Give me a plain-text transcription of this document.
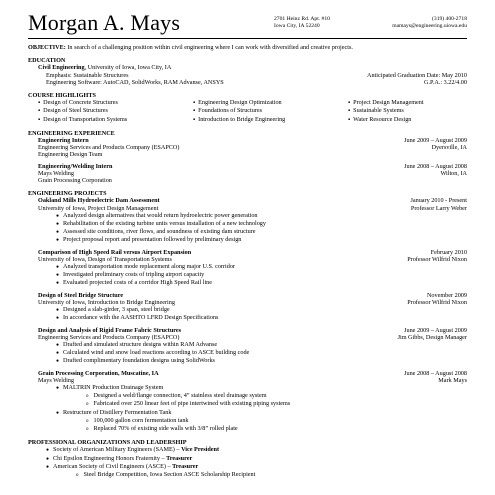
Morgan A. Mays	2701 Heinz Rd. Apt. #10
Iowa City, IA 52240
(319) 400-2718
mamays@engineering.uiowa.edu
OBJECTIVE: In search of a challenging position within civil engineering where I can work with diversified and creative projects.
EDUCATION
Civil Engineering, University of Iowa, Iowa City, IA
Emphasis: Sustainable Structures	Anticipated Graduation Date: May 2010
Engineering Software: AutoCAD, SolidWorks, RAM Advanse, ANSYS	G.P.A.: 3.22/4.00
COURSE HIGHLIGHTS
▪ Design of Concrete Structures	▪ Engineering Design Optimization	▪ Project Design Management
▪ Design of Steel Structures	▪ Foundations of Structures	▪ Sustainable Systems
▪ Design of Transportation Systems	▪ Introduction to Bridge Engineering	▪ Water Resource Design
ENGINEERING EXPERIENCE
Engineering Intern	June 2009 – August 2009
Engineering Services and Products Company (ESAPCO)	Dyersville, IA
Engineering Design Team
Engineering/Welding Intern	June 2008 – August 2008
Mays Welding	Wilton, IA
Grain Processing Corporation
ENGINEERING PROJECTS
Oakland Mills Hydroelectric Dam Assessment	January 2010 - Present
University of Iowa, Project Design Management	Professor Larry Weber
● Analyzed design alternatives that would return hydroelectric power generation
● Rehabilitation of the existing turbine units versus installation of a new technology
● Assessed site conditions, river flows, and soundness of existing dam structure
● Project proposal report and presentation followed by preliminary design
Comparison of High Speed Rail versus Airport Expansion	February 2010
University of Iowa, Design of Transportation Systems	Professor Wilfrid Nixon
● Analyzed transportation mode replacement along major U.S. corridor
● Investigated preliminary costs of tripling airport capacity
● Evaluated projected costs of a corridor High Speed Rail line
Design of Steel Bridge Structure	November 2009
University of Iowa, Introduction to Bridge Engineering	Professor Wilfrid Nixon
● Designed a slab-girder, 3 span, steel bridge
● In accordance with the AASHTO LFRD Design Specifications
Design and Analysis of Rigid Frame Fabric Structures	June 2009 – August 2009
Engineering Services and Products Company (ESAPCO)	Jim Gibbs, Design Manager
● Drafted and simulated structure designs within RAM Advanse
● Calculated wind and snow load reactions according to ASCE building code
● Drafted complimentary foundation designs using SolidWorks
Grain Processing Corporation, Muscatine, IA	June 2008 – August 2008
Mays Welding	Mark Mays
● MALTRIN Production Drainage System
o Designed a weld/flange connection, 4” stainless steel drainage system
o Fabricated over 250 linear feet of pipe intertwined with existing piping systems
● Restructure of Distillery Fermentation Tank
o 100,000 gallon corn fermentation tank
o Replaced 70% of existing side walls with 3/8” rolled plate
PROFESSIONAL ORGANIZATIONS AND LEADERSHIP
● Society of American Military Engineers (SAME) – Vice President
● Chi Epsilon Engineering Honors Fraternity – Treasurer
● American Society of Civil Engineers (ASCE) – Treasurer
o Steel Bridge Competition, Iowa Section ASCE Scholarship Recipient
